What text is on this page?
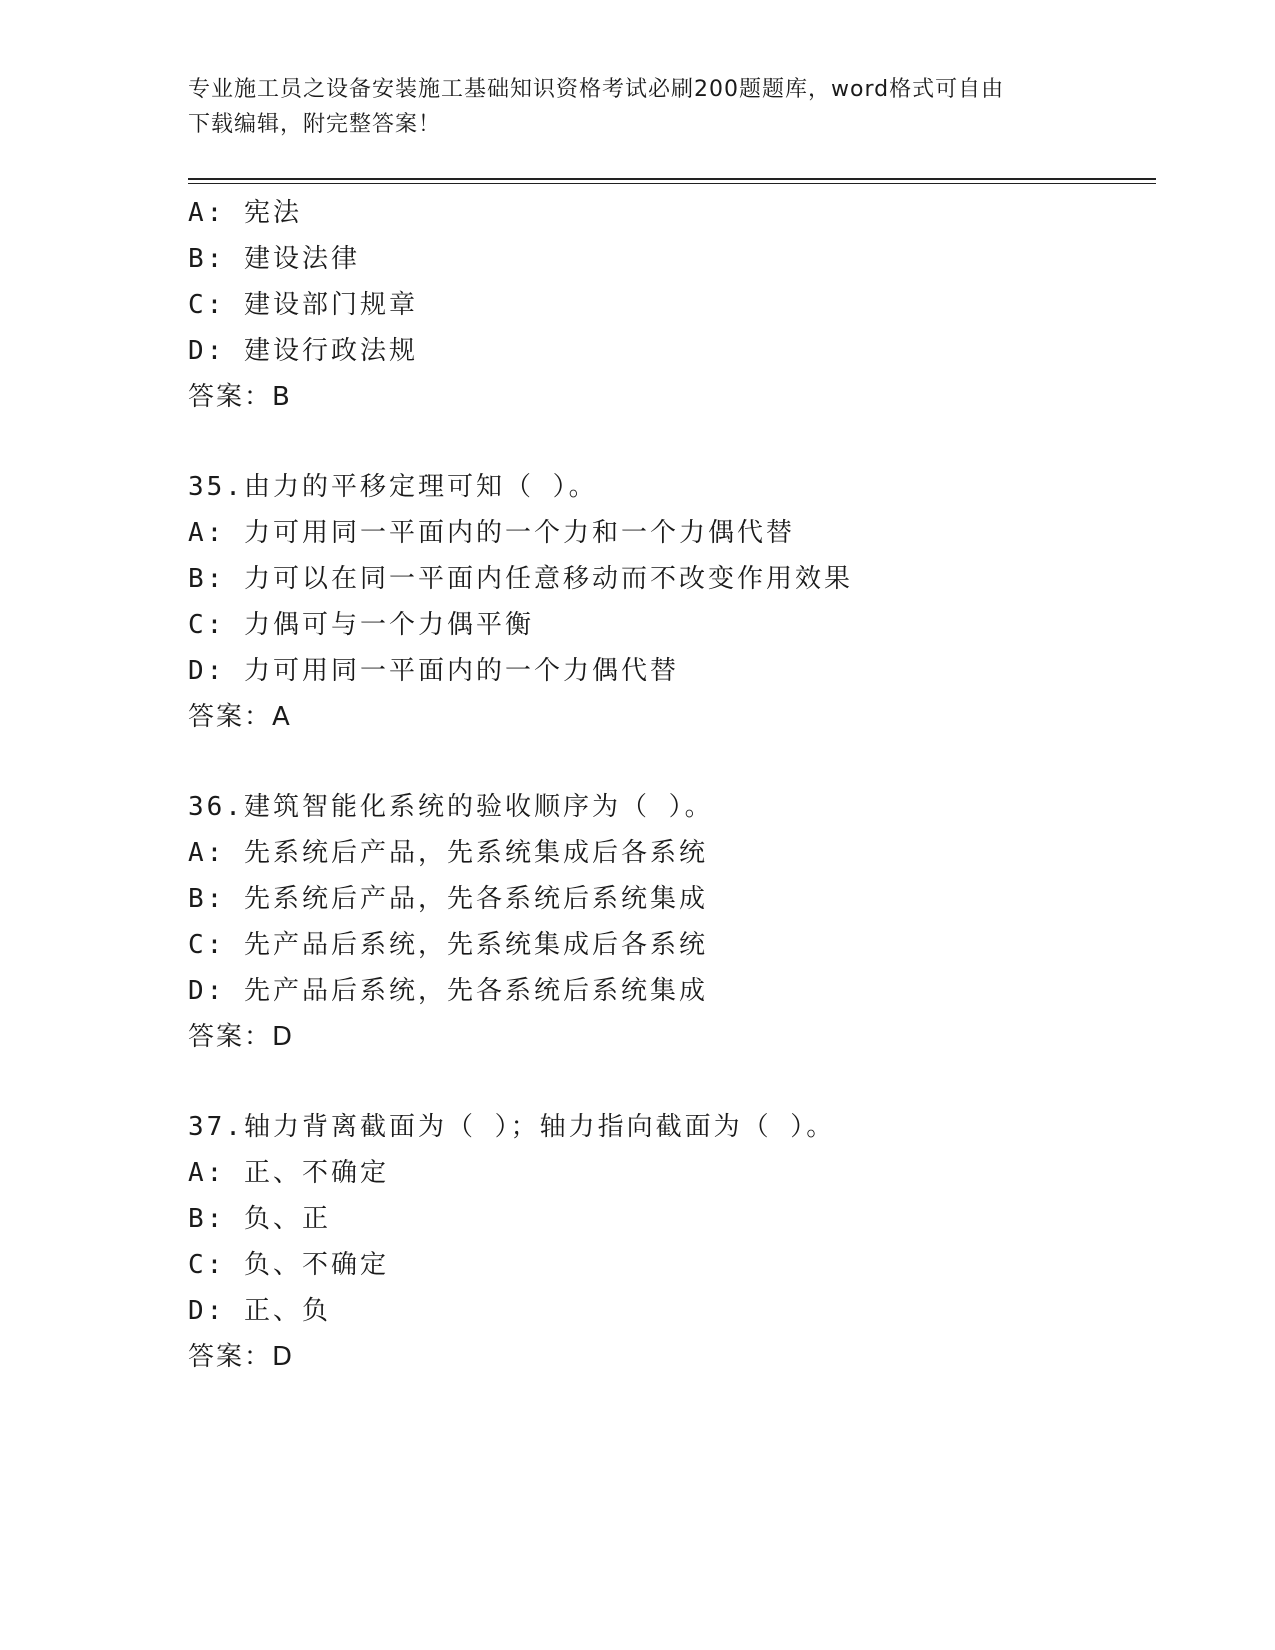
专业施工员之设备安装施工基础知识资格考试必刷200题题库，word格式可自由
下载编辑，附完整答案！
A: 宪法
B: 建设法律
C: 建设部门规章
D: 建设行政法规
答案：B
35.由力的平移定理可知（ ）。
A: 力可用同一平面内的一个力和一个力偶代替
B: 力可以在同一平面内任意移动而不改变作用效果
C: 力偶可与一个力偶平衡
D: 力可用同一平面内的一个力偶代替
答案：A
36.建筑智能化系统的验收顺序为（ ）。
A: 先系统后产品，先系统集成后各系统
B: 先系统后产品，先各系统后系统集成
C: 先产品后系统，先系统集成后各系统
D: 先产品后系统，先各系统后系统集成
答案：D
37.轴力背离截面为（ ）；轴力指向截面为（ ）。
A: 正、不确定
B: 负、正
C: 负、不确定
D: 正、负
答案：D
